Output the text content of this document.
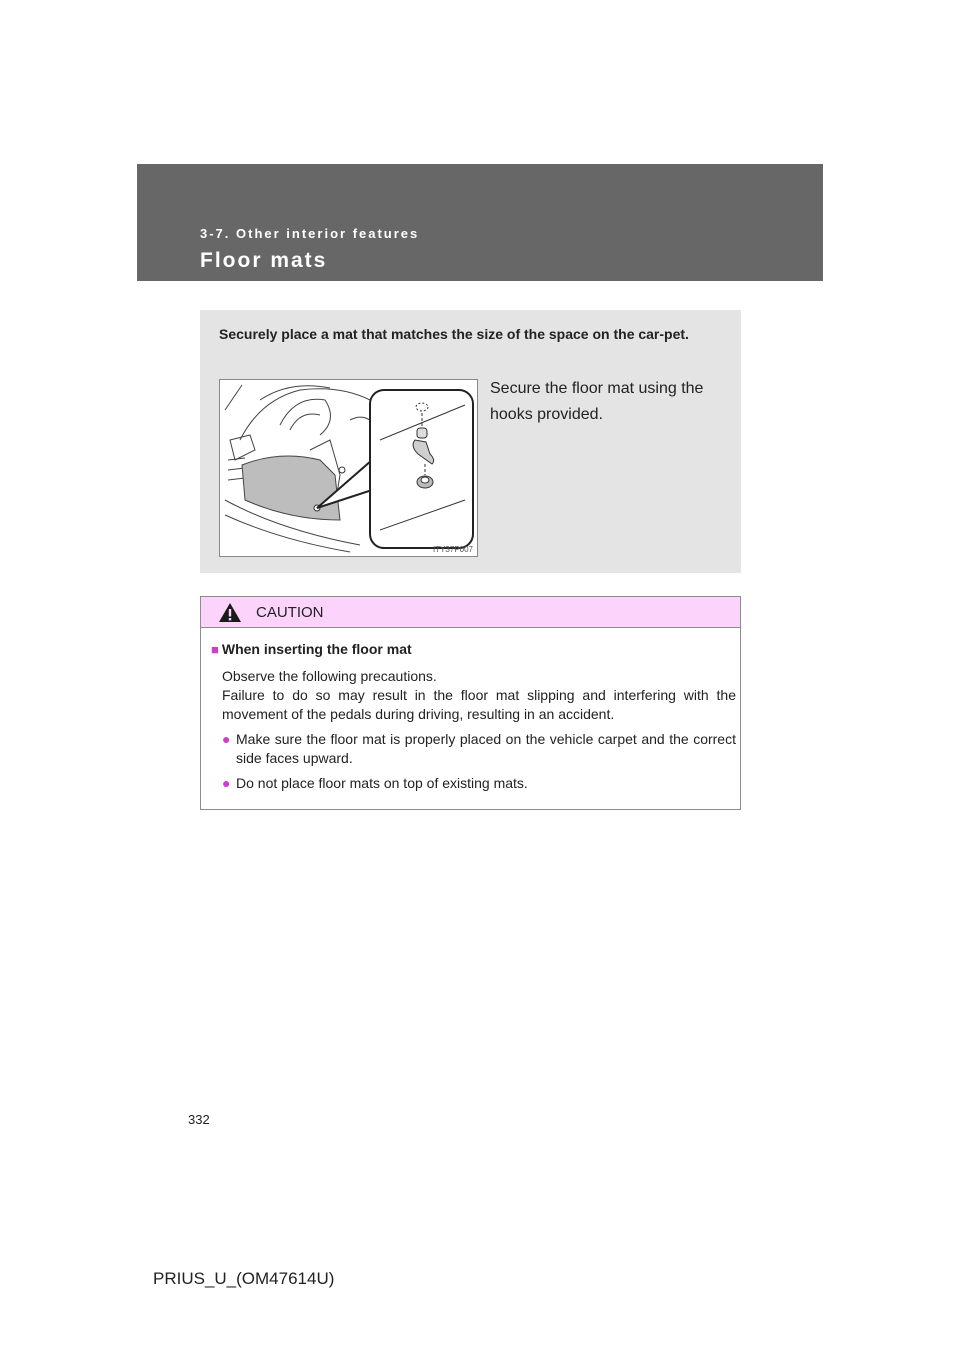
3-7. Other interior features
Floor mats
Securely place a mat that matches the size of the space on the car-pet.
ITY37P007
Secure the floor mat using the hooks provided.
CAUTION
■ When inserting the floor mat
Observe the following precautions.
Failure to do so may result in the floor mat slipping and interfering with the movement of the pedals during driving, resulting in an accident.
● Make sure the floor mat is properly placed on the vehicle carpet and the correct side faces upward.
● Do not place floor mats on top of existing mats.
332
PRIUS_U_(OM47614U)
